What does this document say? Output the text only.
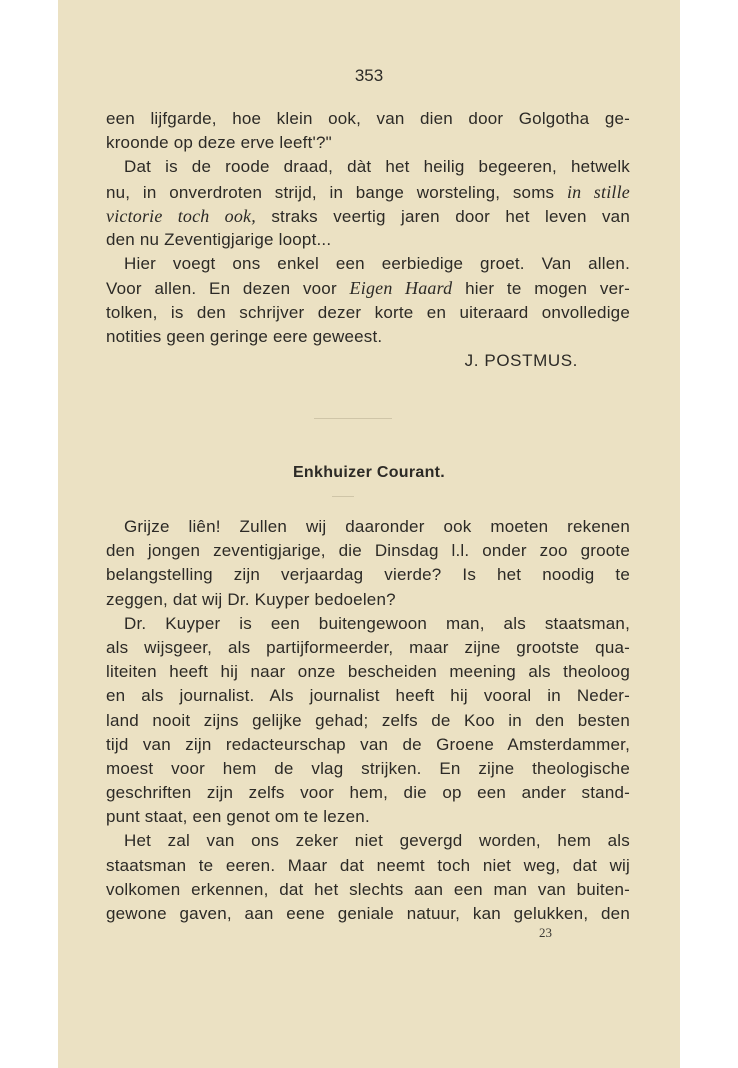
353
een lijfgarde, hoe klein ook, van dien door Golgotha ge-
kroonde op deze erve leeft'?"
Dat is de roode draad, dàt het heilig begeeren, hetwelk
nu, in onverdroten strijd, in bange worsteling, soms in stille
victorie toch ook, straks veertig jaren door het leven van
den nu Zeventigjarige loopt...
Hier voegt ons enkel een eerbiedige groet. Van allen.
Voor allen. En dezen voor Eigen Haard hier te mogen ver-
tolken, is den schrijver dezer korte en uiteraard onvolledige
notities geen geringe eere geweest.
J. POSTMUS.
Enkhuizer Courant.
Grijze liên! Zullen wij daaronder ook moeten rekenen
den jongen zeventigjarige, die Dinsdag l.l. onder zoo groote
belangstelling zijn verjaardag vierde? Is het noodig te
zeggen, dat wij Dr. Kuyper bedoelen?
Dr. Kuyper is een buitengewoon man, als staatsman,
als wijsgeer, als partijformeerder, maar zijne grootste qua-
liteiten heeft hij naar onze bescheiden meening als theoloog
en als journalist. Als journalist heeft hij vooral in Neder-
land nooit zijns gelijke gehad; zelfs de Koo in den besten
tijd van zijn redacteurschap van de Groene Amsterdammer,
moest voor hem de vlag strijken. En zijne theologische
geschriften zijn zelfs voor hem, die op een ander stand-
punt staat, een genot om te lezen.
Het zal van ons zeker niet gevergd worden, hem als
staatsman te eeren. Maar dat neemt toch niet weg, dat wij
volkomen erkennen, dat het slechts aan een man van buiten-
gewone gaven, aan eene geniale natuur, kan gelukken, den
23
